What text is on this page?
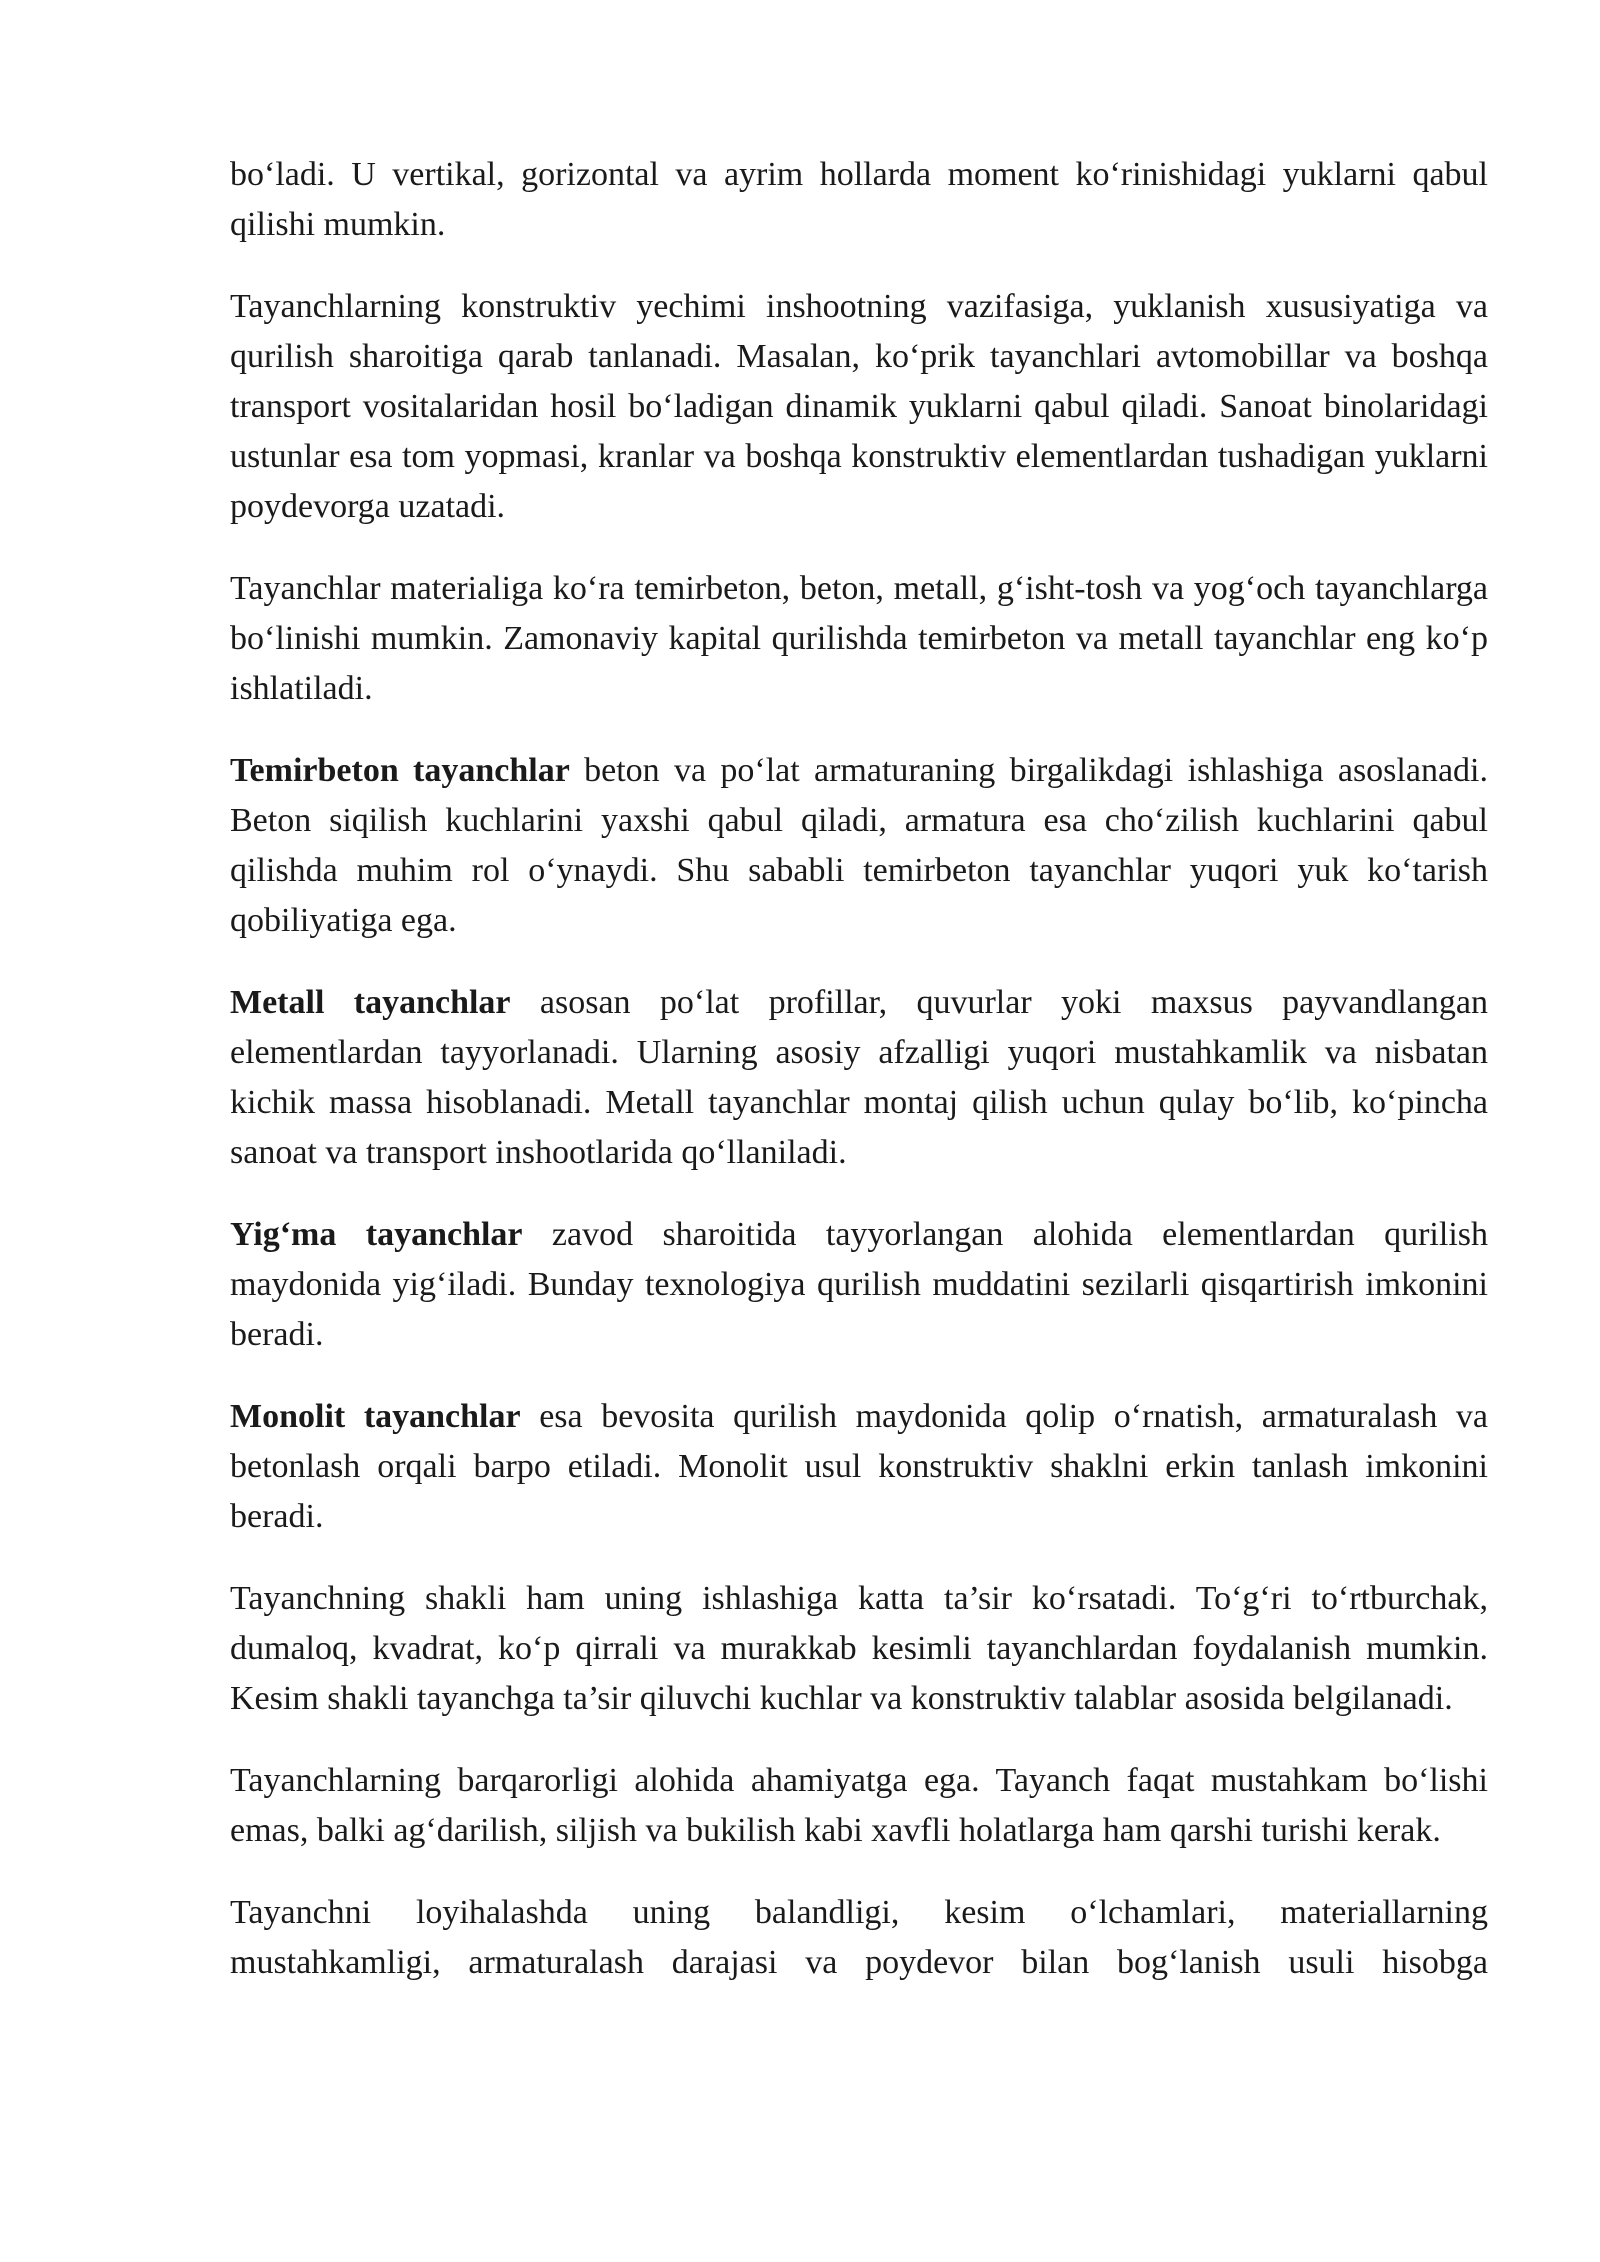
bo‘ladi. U vertikal, gorizontal va ayrim hollarda moment ko‘rinishidagi yuklarni qabul qilishi mumkin.

Tayanchlarning konstruktiv yechimi inshootning vazifasiga, yuklanish xususiyatiga va qurilish sharoitiga qarab tanlanadi. Masalan, ko‘prik tayanchlari avtomobillar va boshqa transport vositalaridan hosil bo‘ladigan dinamik yuklarni qabul qiladi. Sanoat binolaridagi ustunlar esa tom yopmasi, kranlar va boshqa konstruktiv elementlardan tushadigan yuklarni poydevorga uzatadi.

Tayanchlar materialiga ko‘ra temirbeton, beton, metall, g‘isht-tosh va yog‘och tayanchlarga bo‘linishi mumkin. Zamonaviy kapital qurilishda temirbeton va metall tayanchlar eng ko‘p ishlatiladi.

Temirbeton tayanchlar beton va po‘lat armaturaning birgalikdagi ishlashiga asoslanadi. Beton siqilish kuchlarini yaxshi qabul qiladi, armatura esa cho‘zilish kuchlarini qabul qilishda muhim rol o‘ynaydi. Shu sababli temirbeton tayanchlar yuqori yuk ko‘tarish qobiliyatiga ega.

Metall tayanchlar asosan po‘lat profillar, quvurlar yoki maxsus payvandlangan elementlardan tayyorlanadi. Ularning asosiy afzalligi yuqori mustahkamlik va nisbatan kichik massa hisoblanadi. Metall tayanchlar montaj qilish uchun qulay bo‘lib, ko‘pincha sanoat va transport inshootlarida qo‘llaniladi.

Yig‘ma tayanchlar zavod sharoitida tayyorlangan alohida elementlardan qurilish maydonida yig‘iladi. Bunday texnologiya qurilish muddatini sezilarli qisqartirish imkonini beradi.

Monolit tayanchlar esa bevosita qurilish maydonida qolip o‘rnatish, armaturalash va betonlash orqali barpo etiladi. Monolit usul konstruktiv shaklni erkin tanlash imkonini beradi.

Tayanchning shakli ham uning ishlashiga katta ta’sir ko‘rsatadi. To‘g‘ri to‘rtburchak, dumaloq, kvadrat, ko‘p qirrali va murakkab kesimli tayanchlardan foydalanish mumkin. Kesim shakli tayanchga ta’sir qiluvchi kuchlar va konstruktiv talablar asosida belgilanadi.

Tayanchlarning barqarorligi alohida ahamiyatga ega. Tayanch faqat mustahkam bo‘lishi emas, balki ag‘darilish, siljish va bukilish kabi xavfli holatlarga ham qarshi turishi kerak.

Tayanchni loyihalashda uning balandligi, kesim o‘lchamlari, materiallarning mustahkamligi, armaturalash darajasi va poydevor bilan bog‘lanish usuli hisobga
